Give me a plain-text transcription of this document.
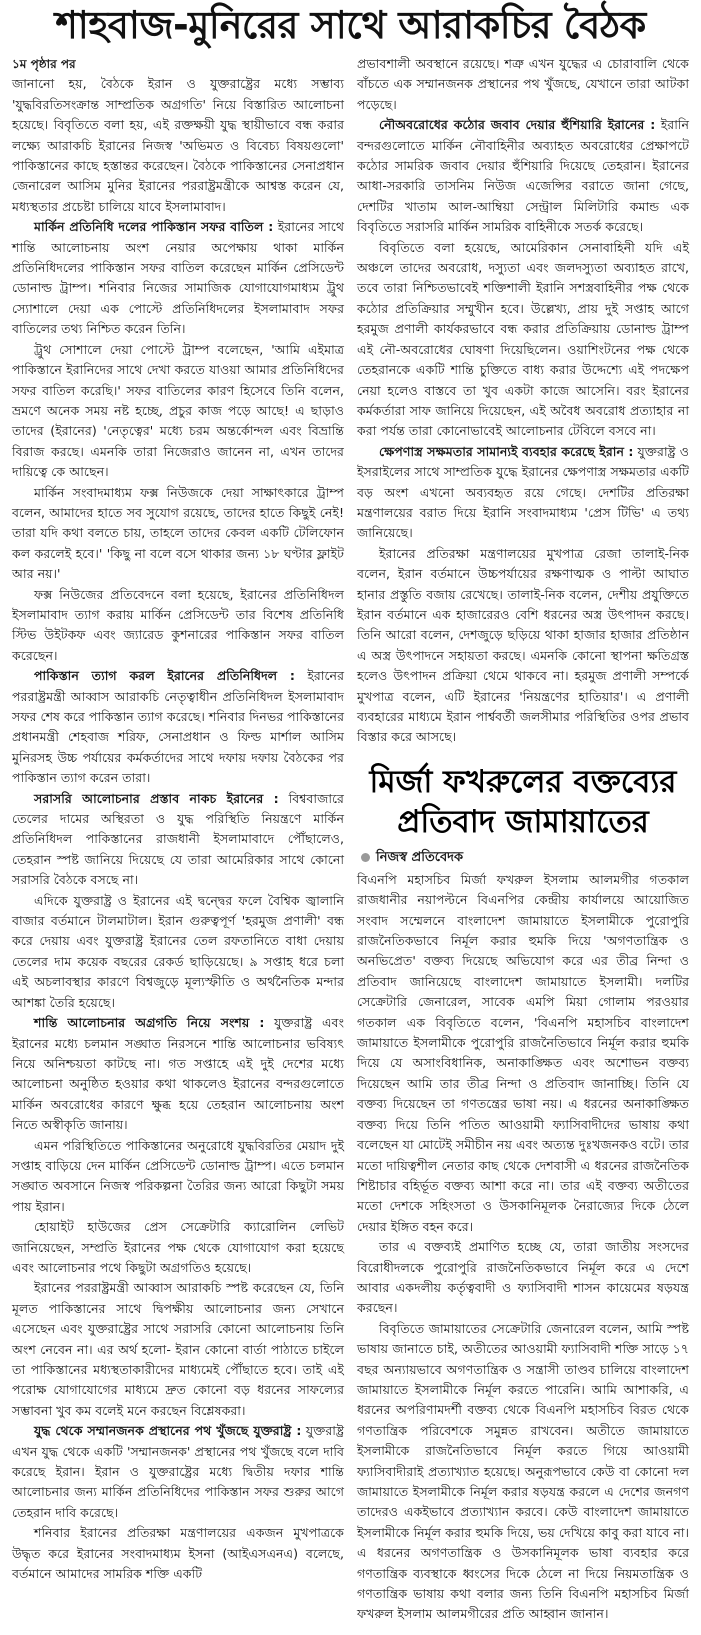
শাহবাজ-মুনিরের সাথে আরাকচির বৈঠক

১ম পৃষ্ঠার পর

জানানো হয়, বৈঠকে ইরান ও যুক্তরাষ্ট্রের মধ্যে সম্ভাব্য 'যুদ্ধবিরতিসংক্রান্ত সাম্প্রতিক অগ্রগতি' নিয়ে বিস্তারিত আলোচনা হয়েছে। বিবৃতিতে বলা হয়, এই রক্তক্ষয়ী যুদ্ধ স্থায়ীভাবে বন্ধ করার লক্ষ্যে আরাকচি ইরানের নিজস্ব 'অভিমত ও বিবেচ্য বিষয়গুলো' পাকিস্তানের কাছে হস্তান্তর করেছেন। বৈঠকে পাকিস্তানের সেনাপ্রধান জেনারেল আসিম মুনির ইরানের পররাষ্ট্রমন্ত্রীকে আশ্বস্ত করেন যে, মধ্যস্থতার প্রচেষ্টা চালিয়ে যাবে ইসলামাবাদ।

মার্কিন প্রতিনিধি দলের পাকিস্তান সফর বাতিল : ইরানের সাথে শান্তি আলোচনায় অংশ নেয়ার অপেক্ষায় থাকা মার্কিন প্রতিনিধিদলের পাকিস্তান সফর বাতিল করেছেন মার্কিন প্রেসিডেন্ট ডোনাল্ড ট্রাম্প। শনিবার নিজের সামাজিক যোগাযোগমাধ্যম ট্রুথ স্যোশালে দেয়া এক পোস্টে প্রতিনিধিদলের ইসলামাবাদ সফর বাতিলের তথ্য নিশ্চিত করেন তিনি।

ট্রুথ সোশালে দেয়া পোস্টে ট্রাম্প বলেছেন, 'আমি এইমাত্র পাকিস্তানে ইরানিদের সাথে দেখা করতে যাওয়া আমার প্রতিনিধিদের সফর বাতিল করেছি।' সফর বাতিলের কারণ হিসেবে তিনি বলেন, ভ্রমণে অনেক সময় নষ্ট হচ্ছে, প্রচুর কাজ পড়ে আছে! এ ছাড়াও তাদের (ইরানের) 'নেতৃত্বের' মধ্যে চরম অন্তর্কোন্দল এবং বিভ্রান্তি বিরাজ করছে। এমনকি তারা নিজেরাও জানেন না, এখন তাদের দায়িত্বে কে আছেন।

মার্কিন সংবাদমাধ্যম ফক্স নিউজকে দেয়া সাক্ষাৎকারে ট্রাম্প বলেন, আমাদের হাতে সব সুযোগ রয়েছে, তাদের হাতে কিছুই নেই! তারা যদি কথা বলতে চায়, তাহলে তাদের কেবল একটি টেলিফোন কল করলেই হবে।' 'কিছু না বলে বসে থাকার জন্য ১৮ ঘণ্টার ফ্লাইট আর নয়।'

ফক্স নিউজের প্রতিবেদনে বলা হয়েছে, ইরানের প্রতিনিধিদল ইসলামাবাদ ত্যাগ করায় মার্কিন প্রেসিডেন্ট তার বিশেষ প্রতিনিধি স্টিভ উইটকফ এবং জ্যারেড কুশনারের পাকিস্তান সফর বাতিল করেছেন।

পাকিস্তান ত্যাগ করল ইরানের প্রতিনিধিদল : ইরানের পররাষ্ট্রমন্ত্রী আব্বাস আরাকচি নেতৃত্বাধীন প্রতিনিধিদল ইসলামাবাদ সফর শেষ করে পাকিস্তান ত্যাগ করেছে। শনিবার দিনভর পাকিস্তানের প্রধানমন্ত্রী শেহবাজ শরিফ, সেনাপ্রধান ও ফিল্ড মার্শাল আসিম মুনিরসহ উচ্চ পর্যায়ের কর্মকর্তাদের সাথে দফায় দফায় বৈঠকের পর পাকিস্তান ত্যাগ করেন তারা।

সরাসরি আলোচনার প্রস্তাব নাকচ ইরানের : বিশ্ববাজারে তেলের দামের অস্থিরতা ও যুদ্ধ পরিস্থিতি নিয়ন্ত্রণে মার্কিন প্রতিনিধিদল পাকিস্তানের রাজধানী ইসলামাবাদে পৌঁছালেও, তেহরান স্পষ্ট জানিয়ে দিয়েছে যে তারা আমেরিকার সাথে কোনো সরাসরি বৈঠকে বসছে না।

এদিকে যুক্তরাষ্ট্র ও ইরানের এই দ্বন্দ্বের ফলে বৈশ্বিক জ্বালানি বাজার বর্তমানে টালমাটাল। ইরান গুরুত্বপূর্ণ 'হরমুজ প্রণালী' বন্ধ করে দেয়ায় এবং যুক্তরাষ্ট্র ইরানের তেল রফতানিতে বাধা দেয়ায় তেলের দাম কয়েক বছরের রেকর্ড ছাড়িয়েছে। ৯ সপ্তাহ ধরে চলা এই অচলাবস্থার কারণে বিশ্বজুড়ে মূল্যস্ফীতি ও অর্থনৈতিক মন্দার আশঙ্কা তৈরি হয়েছে।

শান্তি আলোচনার অগ্রগতি নিয়ে সংশয় : যুক্তরাষ্ট্র এবং ইরানের মধ্যে চলমান সঙ্ঘাত নিরসনে শান্তি আলোচনার ভবিষ্যৎ নিয়ে অনিশ্চয়তা কাটছে না। গত সপ্তাহে এই দুই দেশের মধ্যে আলোচনা অনুষ্ঠিত হওয়ার কথা থাকলেও ইরানের বন্দরগুলোতে মার্কিন অবরোধের কারণে ক্ষুব্ধ হয়ে তেহরান আলোচনায় অংশ নিতে অস্বীকৃতি জানায়।

এমন পরিস্থিতিতে পাকিস্তানের অনুরোধে যুদ্ধবিরতির মেয়াদ দুই সপ্তাহ বাড়িয়ে দেন মার্কিন প্রেসিডেন্ট ডোনাল্ড ট্রাম্প। এতে চলমান সঙ্ঘাত অবসানে নিজস্ব পরিকল্পনা তৈরির জন্য আরো কিছুটা সময় পায় ইরান।

হোয়াইট হাউজের প্রেস সেক্রেটারি ক্যারোলিন লেভিট জানিয়েছেন, সম্প্রতি ইরানের পক্ষ থেকে যোগাযোগ করা হয়েছে এবং আলোচনার পথে কিছুটা অগ্রগতিও হয়েছে।

ইরানের পররাষ্ট্রমন্ত্রী আব্বাস আরাকচি স্পষ্ট করেছেন যে, তিনি মূলত পাকিস্তানের সাথে দ্বিপক্ষীয় আলোচনার জন্য সেখানে এসেছেন এবং যুক্তরাষ্ট্রের সাথে সরাসরি কোনো আলোচনায় তিনি অংশ নেবেন না। এর অর্থ হলো- ইরান কোনো বার্তা পাঠাতে চাইলে তা পাকিস্তানের মধ্যস্থতাকারীদের মাধ্যমেই পৌঁছাতে হবে। তাই এই পরোক্ষ যোগাযোগের মাধ্যমে দ্রুত কোনো বড় ধরনের সাফল্যের সম্ভাবনা খুব কম বলেই মনে করছেন বিশ্লেষকরা।

যুদ্ধ থেকে সম্মানজনক প্রস্থানের পথ খুঁজছে যুক্তরাষ্ট্র : যুক্তরাষ্ট্র এখন যুদ্ধ থেকে একটি 'সম্মানজনক' প্রস্থানের পথ খুঁজছে বলে দাবি করেছে ইরান। ইরান ও যুক্তরাষ্ট্রের মধ্যে দ্বিতীয় দফার শান্তি আলোচনার জন্য মার্কিন প্রতিনিধিদের পাকিস্তান সফর শুরুর আগে তেহরান দাবি করেছে।

শনিবার ইরানের প্রতিরক্ষা মন্ত্রণালয়ের একজন মুখপাত্রকে উদ্ধৃত করে ইরানের সংবাদমাধ্যম ইসনা (আইএসএনএ) বলেছে, বর্তমানে আমাদের সামরিক শক্তি একটি

প্রভাবশালী অবস্থানে রয়েছে। শত্রু এখন যুদ্ধের এ চোরাবালি থেকে বাঁচতে এক সম্মানজনক প্রস্থানের পথ খুঁজছে, যেখানে তারা আটকা পড়েছে।

নৌঅবরোধের কঠোর জবাব দেয়ার হুঁশিয়ারি ইরানের : ইরানি বন্দরগুলোতে মার্কিন নৌবাহিনীর অব্যাহত অবরোধের প্রেক্ষাপটে কঠোর সামরিক জবাব দেয়ার হুঁশিয়ারি দিয়েছে তেহরান। ইরানের আধা-সরকারি তাসনিম নিউজ এজেন্সির বরাতে জানা গেছে, দেশটির খাতাম আল-আম্বিয়া সেন্ট্রাল মিলিটারি কমান্ড এক বিবৃতিতে সরাসরি মার্কিন সামরিক বাহিনীকে সতর্ক করেছে।

বিবৃতিতে বলা হয়েছে, আমেরিকান সেনাবাহিনী যদি এই অঞ্চলে তাদের অবরোধ, দস্যুতা এবং জলদস্যুতা অব্যাহত রাখে, তবে তারা নিশ্চিতভাবেই শক্তিশালী ইরানি সশস্ত্রবাহিনীর পক্ষ থেকে কঠোর প্রতিক্রিয়ার সম্মুখীন হবে। উল্লেখ্য, প্রায় দুই সপ্তাহ আগে হরমুজ প্রণালী কার্যকরভাবে বন্ধ করার প্রতিক্রিয়ায় ডোনাল্ড ট্রাম্প এই নৌ-অবরোধের ঘোষণা দিয়েছিলেন। ওয়াশিংটনের পক্ষ থেকে তেহরানকে একটি শান্তি চুক্তিতে বাধ্য করার উদ্দেশ্যে এই পদক্ষেপ নেয়া হলেও বাস্তবে তা খুব একটা কাজে আসেনি। বরং ইরানের কর্মকর্তারা সাফ জানিয়ে দিয়েছেন, এই অবৈধ অবরোধ প্রত্যাহার না করা পর্যন্ত তারা কোনোভাবেই আলোচনার টেবিলে বসবে না।

ক্ষেপণাস্ত্র সক্ষমতার সামান্যই ব্যবহার করেছে ইরান : যুক্তরাষ্ট্র ও ইসরাইলের সাথে সাম্প্রতিক যুদ্ধে ইরানের ক্ষেপণাস্ত্র সক্ষমতার একটি বড় অংশ এখনো অব্যবহৃত রয়ে গেছে। দেশটির প্রতিরক্ষা মন্ত্রণালয়ের বরাত দিয়ে ইরানি সংবাদমাধ্যম 'প্রেস টিভি' এ তথ্য জানিয়েছে।

ইরানের প্রতিরক্ষা মন্ত্রণালয়ের মুখপাত্র রেজা তালাই-নিক বলেন, ইরান বর্তমানে উচ্চপর্যায়ের রক্ষণাত্মক ও পাল্টা আঘাত হানার প্রস্তুতি বজায় রেখেছে। তালাই-নিক বলেন, দেশীয় প্রযুক্তিতে ইরান বর্তমানে এক হাজারেরও বেশি ধরনের অস্ত্র উৎপাদন করছে। তিনি আরো বলেন, দেশজুড়ে ছড়িয়ে থাকা হাজার হাজার প্রতিষ্ঠান এ অস্ত্র উৎপাদনে সহায়তা করছে। এমনকি কোনো স্থাপনা ক্ষতিগ্রস্ত হলেও উৎপাদন প্রক্রিয়া থেমে থাকবে না। হরমুজ প্রণালী সম্পর্কে মুখপাত্র বলেন, এটি ইরানের 'নিয়ন্ত্রণের হাতিয়ার'। এ প্রণালী ব্যবহারের মাধ্যমে ইরান পার্শ্ববর্তী জলসীমার পরিস্থিতির ওপর প্রভাব বিস্তার করে আসছে।

মির্জা ফখরুলের বক্তব্যের
প্রতিবাদ জামায়াতের
নিজস্ব প্রতিবেদক

বিএনপি মহাসচিব মির্জা ফখরুল ইসলাম আলমগীর গতকাল রাজধানীর নয়াপল্টনে বিএনপির কেন্দ্রীয় কার্যালয়ে আয়োজিত সংবাদ সম্মেলনে বাংলাদেশ জামায়াতে ইসলামীকে পুরোপুরি রাজনৈতিকভাবে নির্মূল করার হুমকি দিয়ে 'অগণতান্ত্রিক ও অনভিপ্রেত' বক্তব্য দিয়েছে অভিযোগ করে এর তীব্র নিন্দা ও প্রতিবাদ জানিয়েছে বাংলাদেশ জামায়াতে ইসলামী। দলটির সেক্রেটারি জেনারেল, সাবেক এমপি মিয়া গোলাম পরওয়ার গতকাল এক বিবৃতিতে বলেন, 'বিএনপি মহাসচিব বাংলাদেশ জামায়াতে ইসলামীকে পুরোপুরি রাজনৈতিভাবে নির্মূল করার হুমকি দিয়ে যে অসাংবিধানিক, অনাকাঙ্ক্ষিত এবং অশোভন বক্তব্য দিয়েছেন আমি তার তীব্র নিন্দা ও প্রতিবাদ জানাচ্ছি। তিনি যে বক্তব্য দিয়েছেন তা গণতন্ত্রের ভাষা নয়। এ ধরনের অনাকাঙ্ক্ষিত বক্তব্য দিয়ে তিনি পতিত আওয়ামী ফ্যাসিবাদীদের ভাষায় কথা বলেছেন যা মোটেই সমীচীন নয় এবং অত্যন্ত দুঃখজনকও বটে। তার মতো দায়িত্বশীল নেতার কাছ থেকে দেশবাসী এ ধরনের রাজনৈতিক শিষ্টাচার বহির্ভূত বক্তব্য আশা করে না। তার এই বক্তব্য অতীতের মতো দেশকে সহিংসতা ও উসকানিমূলক নৈরাজ্যের দিকে ঠেলে দেয়ার ইঙ্গিত বহন করে।

তার এ বক্তব্যই প্রমাণিত হচ্ছে যে, তারা জাতীয় সংসদের বিরোধীদলকে পুরোপুরি রাজনৈতিকভাবে নির্মূল করে এ দেশে আবার একদলীয় কর্তৃত্ববাদী ও ফ্যাসিবাদী শাসন কায়েমের ষড়যন্ত্র করছেন।

বিবৃতিতে জামায়াতের সেক্রেটারি জেনারেল বলেন, আমি স্পষ্ট ভাষায় জানাতে চাই, অতীতের আওয়ামী ফ্যাসিবাদী শক্তি সাড়ে ১৭ বছর অন্যায়ভাবে অগণতান্ত্রিক ও সন্ত্রাসী তাণ্ডব চালিয়ে বাংলাদেশ জামায়াতে ইসলামীকে নির্মূল করতে পারেনি। আমি আশাকরি, এ ধরনের অপরিণামদর্শী বক্তব্য থেকে বিএনপি মহাসচিব বিরত থেকে গণতান্ত্রিক পরিবেশকে সমুন্নত রাখবেন। অতীতে জামায়াতে ইসলামীকে রাজনৈতিভাবে নির্মূল করতে গিয়ে আওয়ামী ফ্যাসিবাদীরাই প্রত্যাখ্যাত হয়েছে। অনুরূপভাবে কেউ বা কোনো দল জামায়াতে ইসলামীকে নির্মূল করার ষড়যন্ত্র করলে এ দেশের জনগণ তাদেরও একইভাবে প্রত্যাখ্যান করবে। কেউ বাংলাদেশ জামায়াতে ইসলামীকে নির্মূল করার হুমকি দিয়ে, ভয় দেখিয়ে কাবু করা যাবে না। এ ধরনের অগণতান্ত্রিক ও উসকানিমূলক ভাষা ব্যবহার করে গণতান্ত্রিক ব্যবস্থাকে ধ্বংসের দিকে ঠেলে না দিয়ে নিয়মতান্ত্রিক ও গণতান্ত্রিক ভাষায় কথা বলার জন্য তিনি বিএনপি মহাসচিব মির্জা ফখরুল ইসলাম আলমগীরের প্রতি আহ্বান জানান।
